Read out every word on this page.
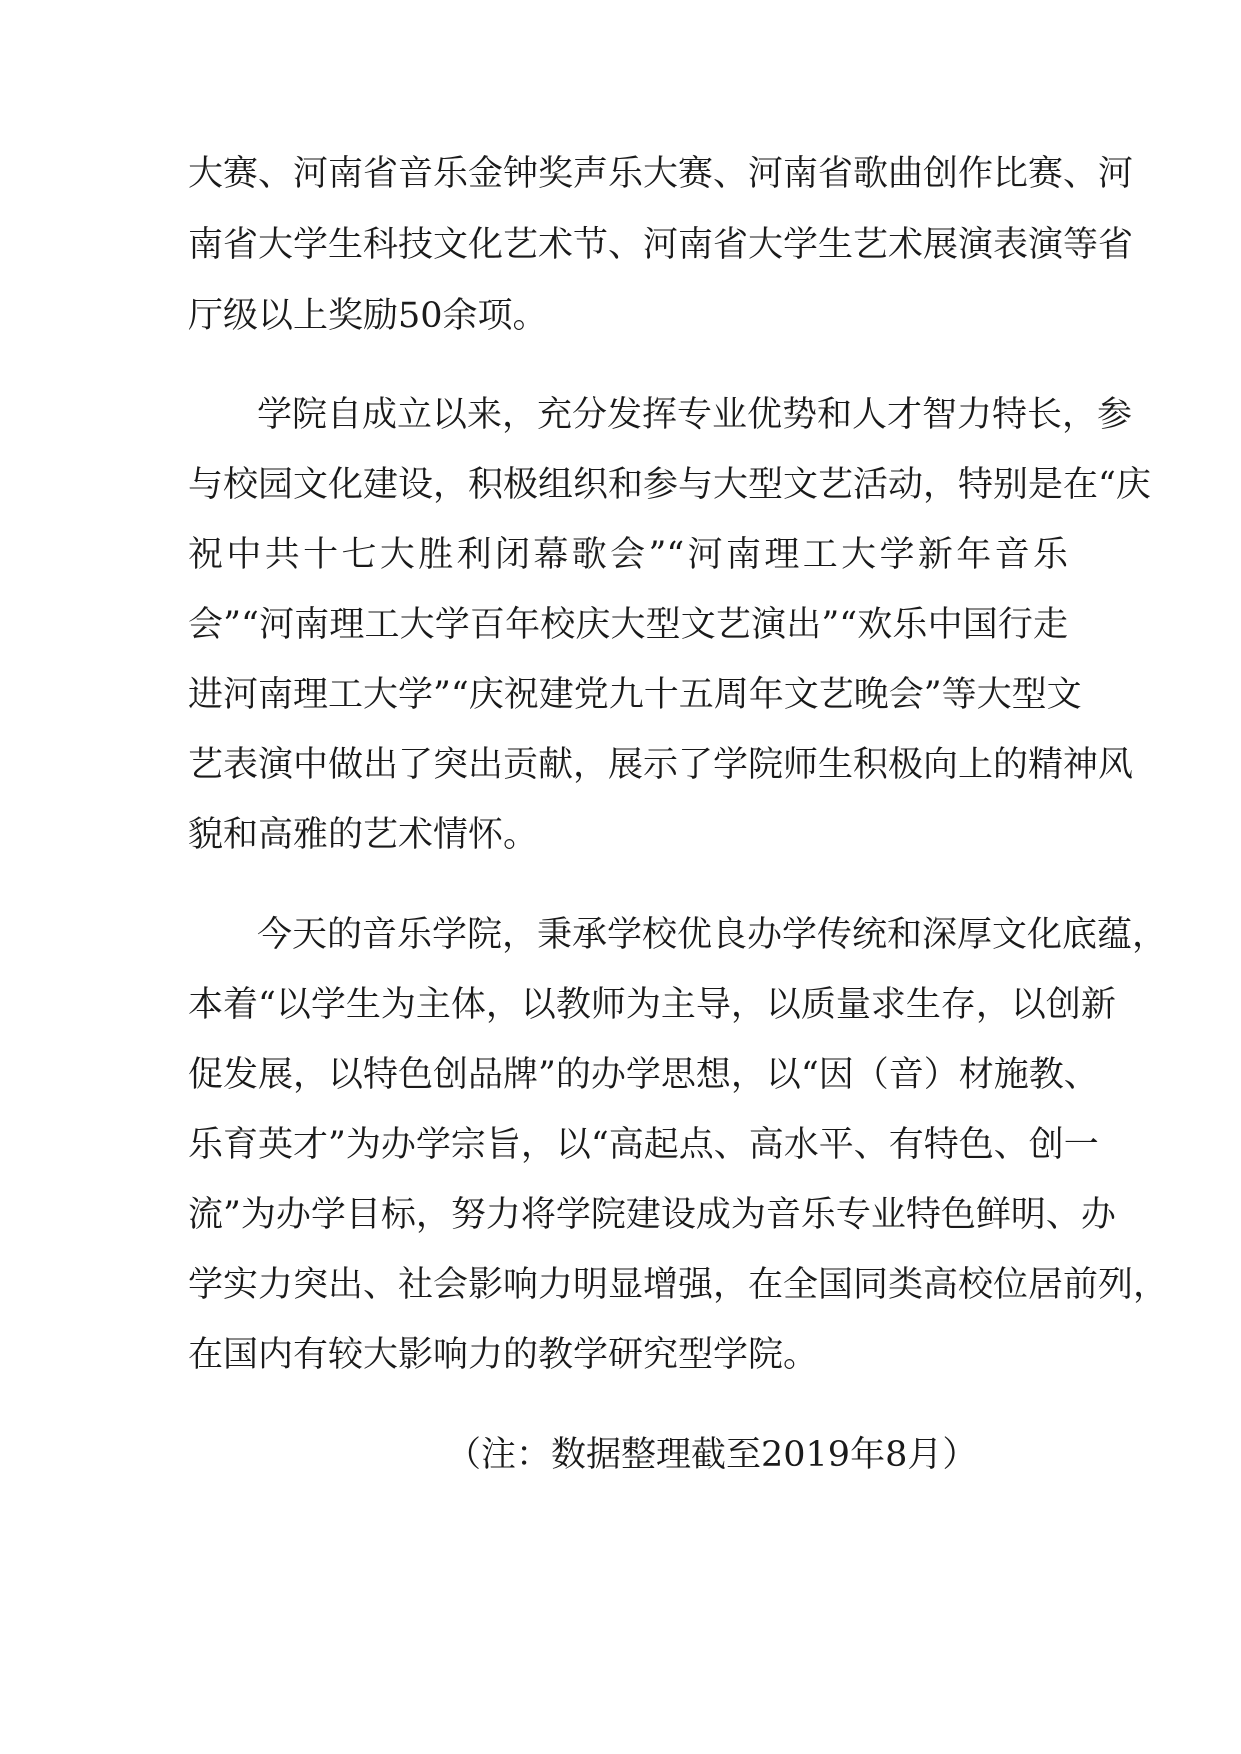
大赛、河南省音乐金钟奖声乐大赛、河南省歌曲创作比赛、河
南省大学生科技文化艺术节、河南省大学生艺术展演表演等省
厅级以上奖励50余项。
学院自成立以来，充分发挥专业优势和人才智力特长，参
与校园文化建设，积极组织和参与大型文艺活动，特别是在“庆
祝中共十七大胜利闭幕歌会”“河南理工大学新年音乐
会”“河南理工大学百年校庆大型文艺演出”“欢乐中国行走
进河南理工大学”“庆祝建党九十五周年文艺晚会”等大型文
艺表演中做出了突出贡献，展示了学院师生积极向上的精神风
貌和高雅的艺术情怀。
今天的音乐学院，秉承学校优良办学传统和深厚文化底蕴，
本着“以学生为主体，以教师为主导，以质量求生存，以创新
促发展，以特色创品牌”的办学思想，以“因（音）材施教、
乐育英才”为办学宗旨，以“高起点、高水平、有特色、创一
流”为办学目标，努力将学院建设成为音乐专业特色鲜明、办
学实力突出、社会影响力明显增强，在全国同类高校位居前列，
在国内有较大影响力的教学研究型学院。
（注：数据整理截至2019年8月）
